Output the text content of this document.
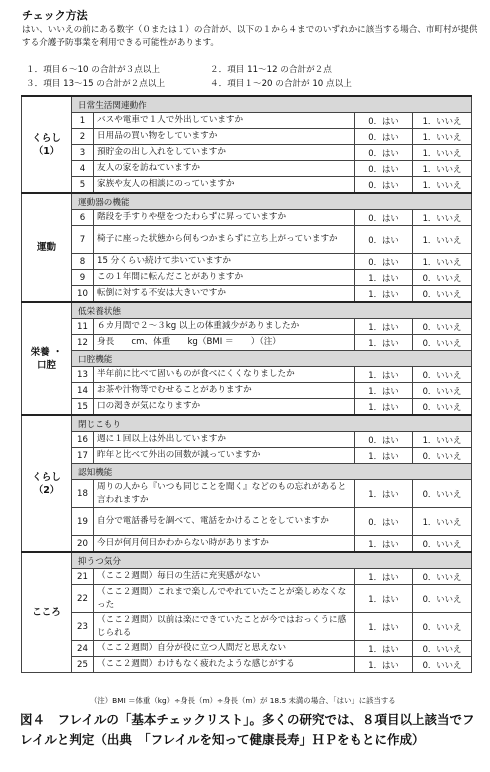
チェック方法
はい、いいえの前にある数字（０または１）の合計が、以下の１から４までのいずれかに該当する場合、市町村が提供する介護予防事業を利用できる可能性があります。
１．項目６～10 の合計が３点以上	２．項目 11～12 の合計が２点
３．項目 13～15 の合計が２点以上	４．項目１～20 の合計が 10 点以上
くらし （1）	日常生活関連動作			
	1	バスや電車で１人で外出していますか	0．はい	1．いいえ
	2	日用品の買い物をしていますか	0．はい	1．いいえ
	3	預貯金の出し入れをしていますか	0．はい	1．いいえ
	4	友人の家を訪ねていますか	0．はい	1．いいえ
	5	家族や友人の相談にのっていますか	0．はい	1．いいえ
運動	運動器の機能			
	6	階段を手すりや壁をつたわらずに昇っていますか	0．はい	1．いいえ
	7	椅子に座った状態から何もつかまらずに立ち上がっていますか	0．はい	1．いいえ
	8	15 分くらい続けて歩いていますか	0．はい	1．いいえ
	9	この１年間に転んだことがありますか	1．はい	0．いいえ
	10	転倒に対する不安は大きいですか	1．はい	0．いいえ
栄養 ・ 口腔	低栄養状態			
	11	６カ月間で２～３kg 以上の体重減少がありましたか	1．はい	0．いいえ
	12	身長　　cm、体重　　kg（BMI ＝　　）（注）	1．はい	0．いいえ
	口腔機能			
	13	半年前に比べて固いものが食べにくくなりましたか	1．はい	0．いいえ
	14	お茶や汁物等でむせることがありますか	1．はい	0．いいえ
	15	口の渇きが気になりますか	1．はい	0．いいえ
くらし （2）	閉じこもり			
	16	週に１回以上は外出していますか	0．はい	1．いいえ
	17	昨年と比べて外出の回数が減っていますか	1．はい	0．いいえ
	認知機能			
	18	周りの人から『いつも同じことを聞く』などのもの忘れがあると言われますか	1．はい	0．いいえ
	19	自分で電話番号を調べて、電話をかけることをしていますか	0．はい	1．いいえ
	20	今日が何月何日かわからない時がありますか	1．はい	0．いいえ
こころ	抑うつ気分			
	21	（ここ２週間）毎日の生活に充実感がない	1．はい	0．いいえ
	22	（ここ２週間）これまで楽しんでやれていたことが楽しめなくなった	1．はい	0．いいえ
	23	（ここ２週間）以前は楽にできていたことが今ではおっくうに感じられる	1．はい	0．いいえ
	24	（ここ２週間）自分が役に立つ人間だと思えない	1．はい	0．いいえ
	25	（ここ２週間）わけもなく疲れたような感じがする	1．はい	0．いいえ
（注）BMI ＝体重（kg）÷身長（m）÷身長（m）が 18.5 未満の場合、「はい」に該当する
図４　フレイルの「基本チェックリスト」。多くの研究では、８項目以上該当でフレイルと判定（出典　「フレイルを知って健康長寿」ＨＰをもとに作成）
